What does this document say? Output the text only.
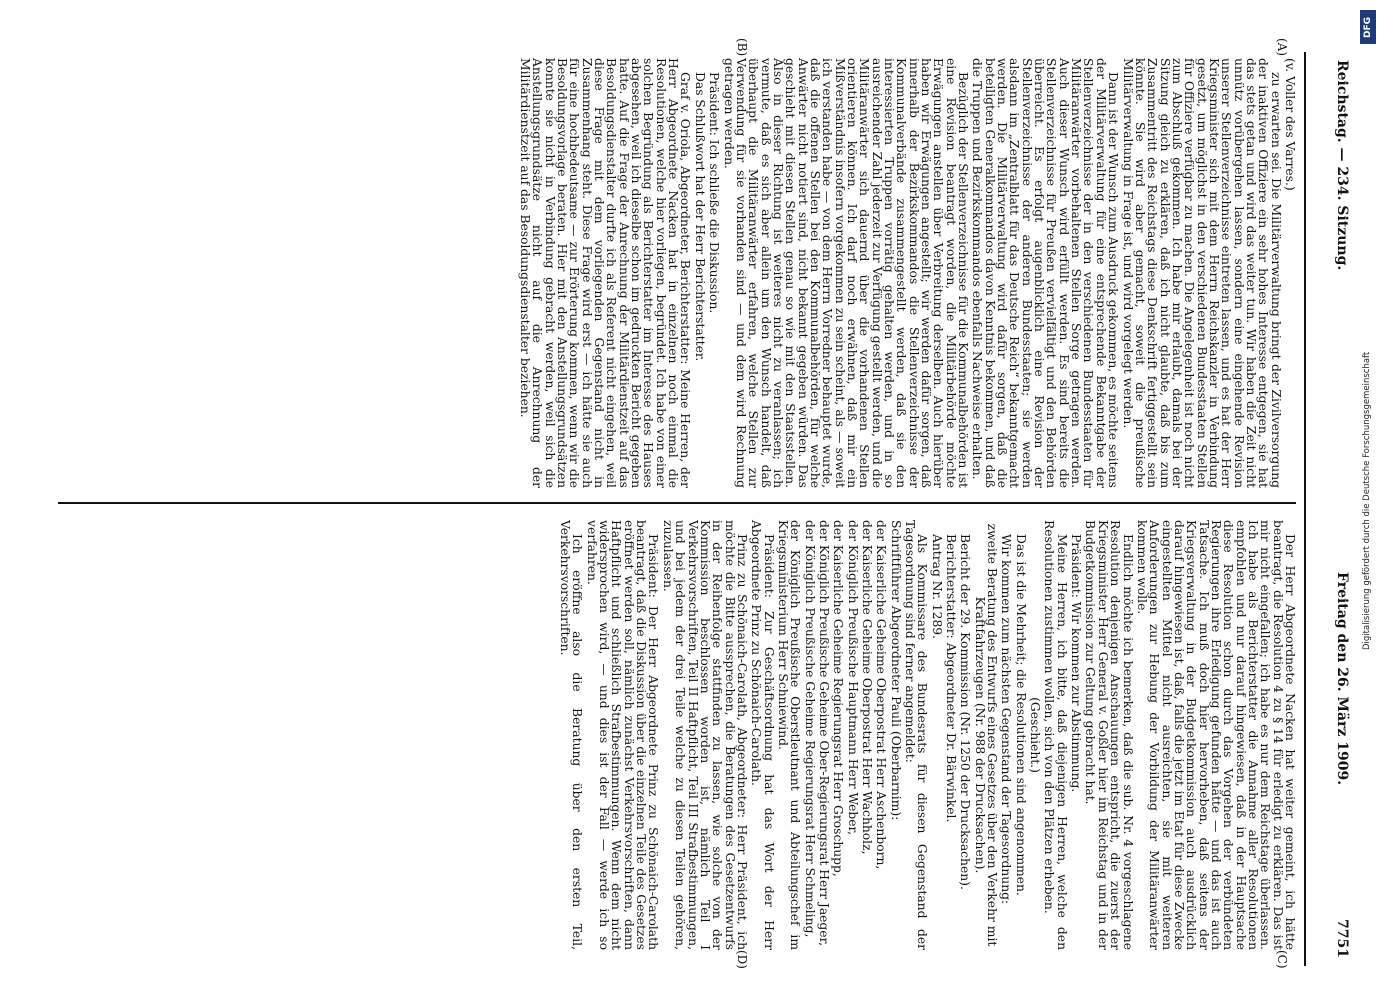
Reichstag. — 234. Sitzung.
Freitag den 26. März 1909.
7751
(A)
(B)
(C)
(D)

(v. Voller des Varres.)

zu erwarten sei. Die Militärverwaltung bringt der Zivilversorgung der inaktiven Offiziere ein sehr hohes Interesse entgegen, sie hat das stets getan und wird das weiter tun. Wir haben die Zeit nicht unnütz vorübergehen lassen, sondern eine eingehende Revision unserer Stellenverzeichnisse eintreten lassen, und es hat der Herr Kriegsminister sich mit dem Herrn Reichskanzler in Verbindung gesetzt, um möglichst in den verschiedenen Bundesstaaten Stellen für Offiziere verfügbar zu machen. Die Angelegenheit ist noch nicht zum Abschluß gekommen. Ich habe mir erlaubt, damals bei der Sitzung gleich zu erklären, daß ich nicht glaubte, daß bis zum Zusammentritt des Reichstags diese Denkschrift fertiggestellt sein könnte. Sie wird aber gemacht, soweit die preußische Militärverwaltung in Frage ist, und wird vorgelegt werden.

Dann ist der Wunsch zum Ausdruck gekommen, es möchte seitens der Militärverwaltung für eine entsprechende Bekanntgabe der Stellenverzeichnisse der in den verschiedenen Bundesstaaten für Militäranwärter vorbehaltenen Stellen Sorge getragen werden. Auch dieser Wunsch wird erfüllt werden. Es sind bereits die Stellenverzeichnisse für Preußen vervielfältigt und den Behörden überreicht. Es erfolgt augenblicklich eine Revision der Stellenverzeichnisse der anderen Bundesstaaten; sie werden alsdann im „Zentralblatt für das Deutsche Reich“ bekanntgemacht werden. Die Militärverwaltung wird dafür sorgen, daß die beteiligten Generalkommandos davon Kenntnis bekommen, und daß die Truppen und Bezirkskommandos ebenfalls Nachweise erhalten.

Bezüglich der Stellenverzeichnisse für die Kommunalbehörden ist eine Revision beantragt worden, die Militärbehörde möchte Erwägungen anstellen über Verbreitung derselben. Auch hierüber haben wir Erwägungen angestellt; wir werden dafür sorgen, daß innerhalb der Bezirkskommandos die Stellenverzeichnisse der Kommunalverbände zusammengestellt werden, daß sie den interessierten Truppen vorrätig gehalten werden, und in so ausreichender Zahl jederzeit zur Verfügung gestellt werden, und die Militäranwärter sich dauernd über die vorhandenen Stellen orientieren können. Ich darf noch erwähnen, daß mir ein Mißverständnis insofern vorgekommen zu sein scheint, als — soweit ich verstanden habe — von dem Herrn Vorredner behauptet wurde, daß die offenen Stellen bei den Kommunalbehörden, für welche Anwärter nicht notiert sind, nicht bekannt gegeben würden. Das geschieht mit diesen Stellen genau so wie mit den Staatsstellen. Also in dieser Richtung ist weiteres nicht zu veranlassen; ich vermute, daß es sich aber allein um den Wunsch handelt, daß überhaupt die Militäranwärter erfahren, welche Stellen zur Verwendung für sie vorhanden sind — und dem wird Rechnung getragen werden.

Präsident: Ich schließe die Diskussion.

Das Schlußwort hat der Herr Berichterstatter.

Graf v. Oriola, Abgeordneter, Berichterstatter: Meine Herren, der Herr Abgeordnete Nacken hat in einzelnen noch einmal die Resolutionen, welche hier vorliegen, begründet. Ich habe von einer solchen Begründung als Berichterstatter im Interesse des Hauses abgesehen, weil ich dieselbe schon im gedruckten Bericht gegeben hatte. Auf die Frage der Anrechnung der Militärdienstzeit auf das Besoldungsdienstalter durfte ich als Referent nicht eingehen, weil diese Frage mit dem vorliegenden Gegenstand nicht in Zusammenhang steht. Diese Frage wird erst — ich hätte sie auch für eine hochbedeutsame — zur Erörterung kommen, wenn wir die Besoldungsvorlage beraten. Hier mit den Anstellungsgrundsätzen konnte sie nicht in Verbindung gebracht werden, weil sich die Anstellungsgrundsätze nicht auf die Anrechnung der Militärdienstzeit auf das Besoldungsdienstalter beziehen.

Der Herr Abgeordnete Nacken hat weiter gemeint, ich hätte beantragt, die Resolution 4 zu § 14 für erledigt zu erklären. Das ist mir nicht eingefallen; ich habe es nur dem Reichstage überlassen. Ich habe als Berichterstatter die Annahme aller Resolutionen empfohlen und nur darauf hingewiesen, daß in der Hauptsache diese Resolution schon durch das Vorgehen der verbündeten Regierungen ihre Erledigung gefunden hätte — und das ist auch Tatsache. Ich muß doch hier hervorheben, daß seitens der Kriegsverwaltung in der Budgetkommission auch ausdrücklich darauf hingewiesen ist, daß, falls die jetzt im Etat für diese Zwecke eingestellten Mittel nicht ausreichten, sie mit weiteren Anforderungen zur Hebung der Vorbildung der Militäranwärter kommen wolle.

Endlich möchte ich bemerken, daß die sub. Nr. 4 vorgeschlagene Resolution denjenigen Anschauungen entspricht, die zuerst der Kriegsminister Herr General v. Goßler hier im Reichstag und in der Budgetkommission zur Geltung gebracht hat.

Präsident: Wir kommen zur Abstimmung.

Meine Herren, ich bitte, daß diejenigen Herren, welche den Resolutionen zustimmen wollen, sich von den Plätzen erheben.

(Geschieht.)

Das ist die Mehrheit; die Resolutionen sind angenommen.

Wir kommen zum nächsten Gegenstand der Tagesordnung:

zweite Beratung des Entwurfs eines Gesetzes über den Verkehr mit Kraftfahrzeugen (Nr. 988 der Drucksachen).

Bericht der 29. Kommission (Nr. 1250 der Drucksachen).

Berichterstatter: Abgeordneter Dr. Bärwinkel.

Antrag Nr. 1289.

Als Kommissare des Bundesrats für diesen Gegenstand der Tagesordnung sind ferner angemeldet:

Schriftführer Abgeordneter Pauli (Oberbarnim):

der Kaiserliche Geheime Oberpostrat Herr Aschenborn,

der Kaiserliche Geheime Oberpostrat Herr Wachholz,

der Königlich Preußische Hauptmann Herr Weber,

der Kaiserliche Geheime Regierungsrat Herr Groschupp,

der Königlich Preußische Geheime Ober-Regierungsrat Herr Jaeger,

der Königlich Preußische Geheime Regierungsrat Herr Schmeling,

der Königlich Preußische Oberstleutnant und Abteilungschef im Kriegsministerium Herr Schniewind.

Präsident: Zur Geschäftsordnung hat das Wort der Herr Abgeordnete Prinz zu Schönaich-Carolath.

Prinz zu Schönaich-Carolath, Abgeordneter: Herr Präsident, ich möchte die Bitte aussprechen, die Beratungen des Gesetzentwurfs in der Reihenfolge stattfinden zu lassen, wie solche von der Kommission beschlossen worden ist, nämlich Teil I Verkehrsvorschriften, Teil II Haftpflicht, Teil III Strafbestimmungen, und bei jedem der drei Teile welche zu diesen Teilen gehören, zuzulassen.

Präsident: Der Herr Abgeordnete Prinz zu Schönaich-Carolath beantragt, daß die Diskussion über die einzelnen Teile des Gesetzes eröffnet werden soll, nämlich zunächst Verkehrsvorschriften, dann Haftpflicht und schließlich Strafbestimmungen. Wenn dem nicht widersprochen wird, — und dies ist der Fall — werde ich so verfahren.

Ich eröffne also die Beratung über den ersten Teil, Verkehrsvorschriften.

DFG
Digitalisierung gefördert durch die Deutsche Forschungsgemeinschaft
